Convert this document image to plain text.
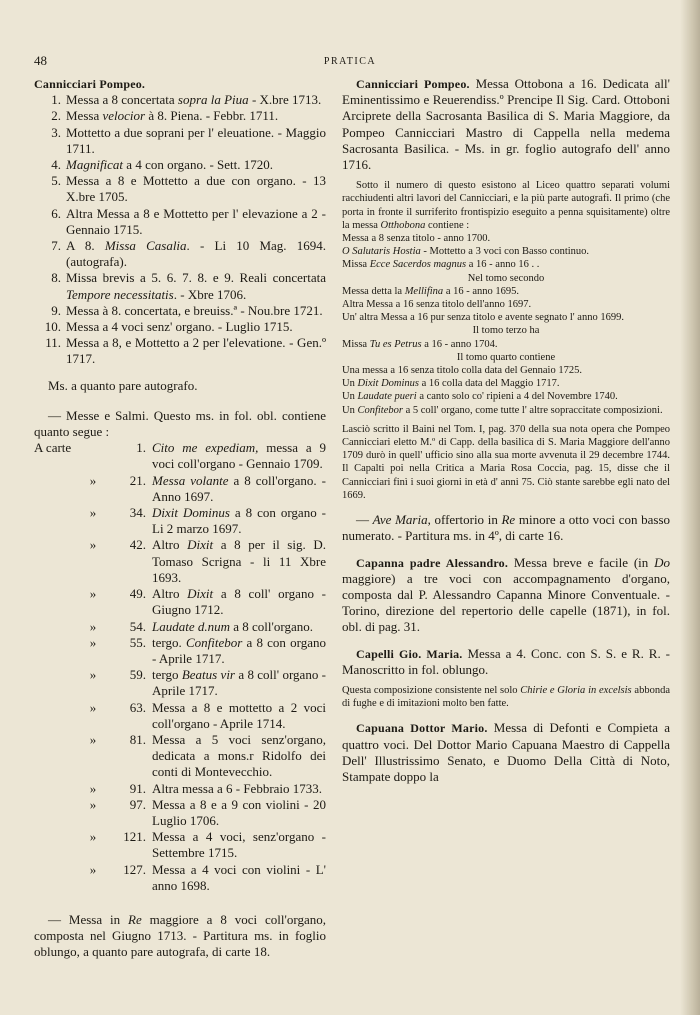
48	PRATICA

Cannicciari Pompeo.

1. Messa a 8 concertata sopra la Piua - X.bre 1713.
2. Messa velocior à 8. Piena. - Febbr. 1711.
3. Mottetto a due soprani per l' eleuatione. - Maggio 1711.
4. Magnificat a 4 con organo. - Sett. 1720.
5. Messa a 8 e Mottetto a due con organo. - 13 X.bre 1705.
6. Altra Messa a 8 e Mottetto per l' elevazione a 2 - Gennaio 1715.
7. A 8. Missa Casalia. - Li 10 Mag. 1694. (autografa).
8. Missa brevis a 5. 6. 7. 8. e 9. Reali concertata Tempore necessitatis. - Xbre 1706.
9. Messa à 8. concertata, e breuiss.ª - Nou.bre 1721.
10. Messa a 4 voci senz' organo. - Luglio 1715.
11. Messa a 8, e Mottetto a 2 per l'elevatione. - Gen.º 1717.

Ms. a quanto pare autografo.

— Messe e Salmi. Questo ms. in fol. obl. contiene quanto segue :

A carte	1. Cito me expediam, messa a 9 voci coll'organo - Gennaio 1709.
»	21. Messa volante a 8 coll'organo. - Anno 1697.
»	34. Dixit Dominus a 8 con organo - Li 2 marzo 1697.
»	42. Altro Dixit a 8 per il sig. D. Tomaso Scrigna - li 11 Xbre 1693.
»	49. Altro Dixit a 8 coll' organo - Giugno 1712.
»	54. Laudate d.num a 8 coll'organo.
»	55. tergo. Confitebor a 8 con organo - Aprile 1717.
»	59. tergo Beatus vir a 8 coll' organo - Aprile 1717.
»	63. Messa a 8 e mottetto a 2 voci coll'organo - Aprile 1714.
»	81. Messa a 5 voci senz'organo, dedicata a mons.r Ridolfo dei conti di Montevecchio.
»	91. Altra messa a 6 - Febbraio 1733.
»	97. Messa a 8 e a 9 con violini - 20 Luglio 1706.
»	121. Messa a 4 voci, senz'organo - Settembre 1715.
»	127. Messa a 4 voci con violini - L' anno 1698.

— Messa in Re maggiore a 8 voci coll'organo, composta nel Giugno 1713. - Partitura ms. in foglio oblungo, a quanto pare autografa, di carte 18.

Cannicciari Pompeo. Messa Ottobona a 16. Dedicata all' Eminentissimo e Reuerendiss.º Prencipe Il Sig. Card. Ottoboni Arciprete della Sacrosanta Basilica di S. Maria Maggiore, da Pompeo Cannicciari Mastro di Cappella nella medema Sacrosanta Basilica. - Ms. in gr. foglio autografo dell' anno 1716.

Sotto il numero di questo esistono al Liceo quattro separati volumi racchiudenti altri lavori del Cannicciari, e la più parte autografi. Il primo (che porta in fronte il surriferito frontispizio eseguito a penna squisitamente) oltre la messa Otthobona contiene :

Messa a 8 senza titolo - anno 1700.

O Salutaris Hostia - Mottetto a 3 voci con Basso continuo.

Missa Ecce Sacerdos magnus a 16 - anno 16 . .

Nel tomo secondo

Messa detta la Mellifina a 16 - anno 1695.

Altra Messa a 16 senza titolo dell'anno 1697.

Un' altra Messa a 16 pur senza titolo e avente segnato l' anno 1699.

Il tomo terzo ha

Missa Tu es Petrus a 16 - anno 1704.

Il tomo quarto contiene

Una messa a 16 senza titolo colla data del Gennaio 1725.

Un Dixit Dominus a 16 colla data del Maggio 1717.

Un Laudate pueri a canto solo co' ripieni a 4 del Novembre 1740.

Un Confitebor a 5 coll' organo, come tutte l' altre sopraccitate composizioni.

Lasciò scritto il Baini nel Tom. I, pag. 370 della sua nota opera che Pompeo Cannicciari eletto M.º di Capp. della basilica di S. Maria Maggiore dell'anno 1709 durò in quell' ufficio sino alla sua morte avvenuta il 29 decembre 1744. Il Capalti poi nella Critica a Maria Rosa Coccia, pag. 15, disse che il Cannicciari finì i suoi giorni in età d' anni 75. Ciò stante sarebbe egli nato del 1669.

— Ave Maria, offertorio in Re minore a otto voci con basso numerato. - Partitura ms. in 4º, di carte 16.

Capanna padre Alessandro. Messa breve e facile (in Do maggiore) a tre voci con accompagnamento d'organo, composta dal P. Alessandro Capanna Minore Conventuale. - Torino, direzione del repertorio delle capelle (1871), in fol. obl. di pag. 31.

Capelli Gio. Maria. Messa a 4. Conc. con S. S. e R. R. - Manoscritto in fol. oblungo.

Questa composizione consistente nel solo Chirie e Gloria in excelsis abbonda di fughe e di imitazioni molto ben fatte.

Capuana Dottor Mario. Messa di Defonti e Compieta a quattro voci. Del Dottor Mario Capuana Maestro di Cappella Dell' Illustrissimo Senato, e Duomo Della Città di Noto, Stampate doppo la
